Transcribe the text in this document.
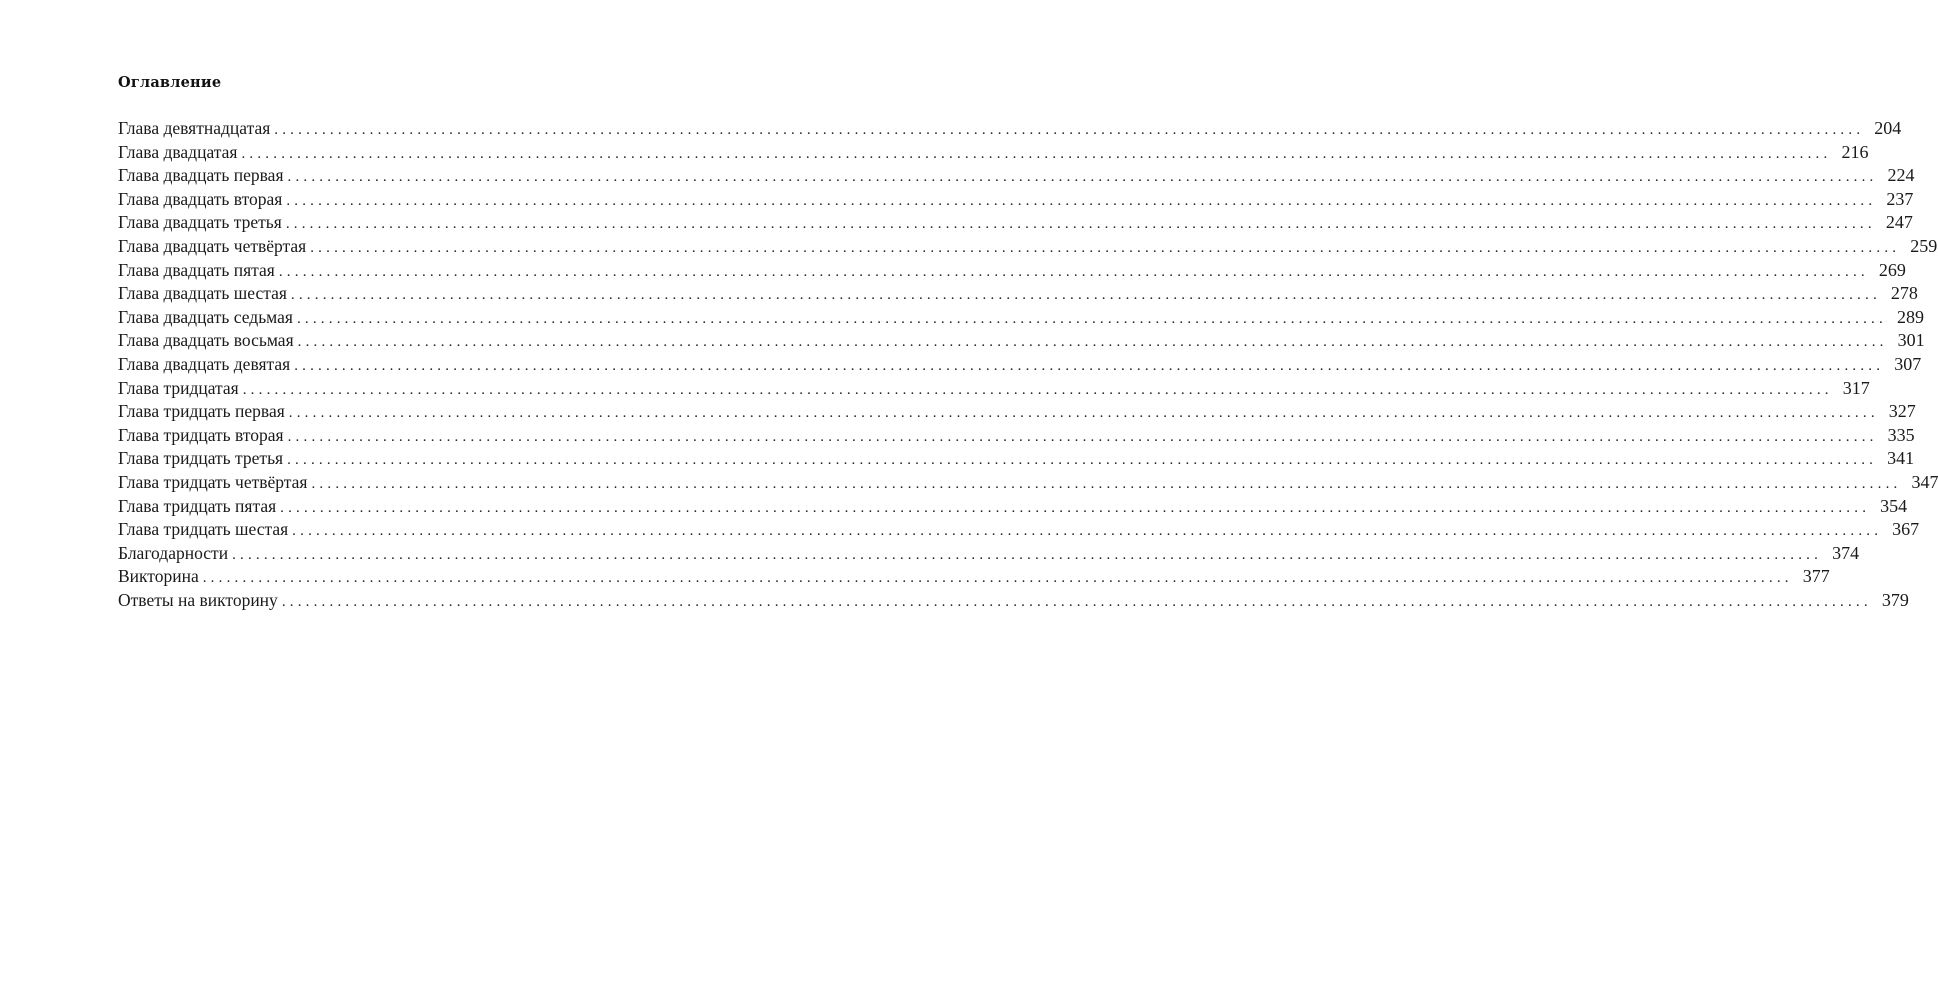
Оглавление
Глава девятнадцатая ........................................................................................................................................................................................................ 204
Глава двадцатая ........................................................................................................................................................................................................ 216
Глава двадцать первая ........................................................................................................................................................................................................ 224
Глава двадцать вторая ........................................................................................................................................................................................................ 237
Глава двадцать третья ........................................................................................................................................................................................................ 247
Глава двадцать четвёртая ........................................................................................................................................................................................................ 259
Глава двадцать пятая ........................................................................................................................................................................................................ 269
Глава двадцать шестая ........................................................................................................................................................................................................ 278
Глава двадцать седьмая ........................................................................................................................................................................................................ 289
Глава двадцать восьмая ........................................................................................................................................................................................................ 301
Глава двадцать девятая ........................................................................................................................................................................................................ 307
Глава тридцатая ........................................................................................................................................................................................................ 317
Глава тридцать первая ........................................................................................................................................................................................................ 327
Глава тридцать вторая ........................................................................................................................................................................................................ 335
Глава тридцать третья ........................................................................................................................................................................................................ 341
Глава тридцать четвёртая ........................................................................................................................................................................................................ 347
Глава тридцать пятая ........................................................................................................................................................................................................ 354
Глава тридцать шестая ........................................................................................................................................................................................................ 367
Благодарности ........................................................................................................................................................................................................ 374
Викторина ........................................................................................................................................................................................................ 377
Ответы на викторину ........................................................................................................................................................................................................ 379
